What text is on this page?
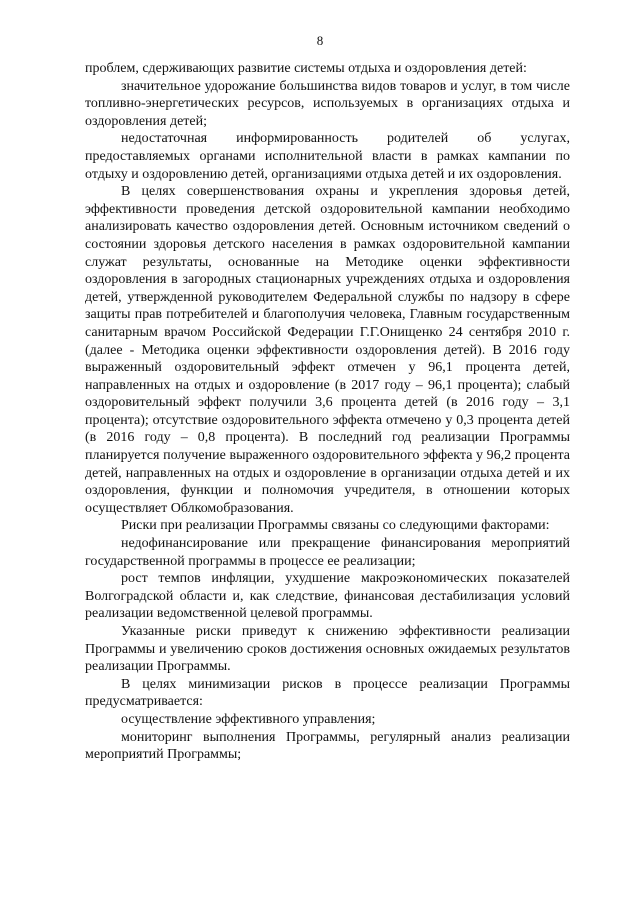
8

проблем, сдерживающих развитие системы отдыха и оздоровления детей:

значительное удорожание большинства видов товаров и услуг, в том числе топливно-энергетических ресурсов, используемых в организациях отдыха и оздоровления детей;

недостаточная информированность родителей об услугах, предоставляемых органами исполнительной власти в рамках кампании по отдыху и оздоровлению детей, организациями отдыха детей и их оздоровления.

В целях совершенствования охраны и укрепления здоровья детей, эффективности проведения детской оздоровительной кампании необходимо анализировать качество оздоровления детей. Основным источником сведений о состоянии здоровья детского населения в рамках оздоровительной кампании служат результаты, основанные на Методике оценки эффективности оздоровления в загородных стационарных учреждениях отдыха и оздоровления детей, утвержденной руководителем Федеральной службы по надзору в сфере защиты прав потребителей и благополучия человека, Главным государственным санитарным врачом Российской Федерации Г.Г.Онищенко 24 сентября 2010 г. (далее - Методика оценки эффективности оздоровления детей). В 2016 году выраженный оздоровительный эффект отмечен у 96,1 процента детей, направленных на отдых и оздоровление (в 2017 году – 96,1 процента); слабый оздоровительный эффект получили 3,6 процента детей (в 2016 году – 3,1 процента); отсутствие оздоровительного эффекта отмечено у 0,3 процента детей (в 2016 году – 0,8 процента). В последний год реализации Программы планируется получение выраженного оздоровительного эффекта у 96,2 процента детей, направленных на отдых и оздоровление в организации отдыха детей и их оздоровления, функции и полномочия учредителя, в отношении которых осуществляет Облкомобразования.

Риски при реализации Программы связаны со следующими факторами:

недофинансирование или прекращение финансирования мероприятий государственной программы в процессе ее реализации;

рост темпов инфляции, ухудшение макроэкономических показателей Волгоградской области и, как следствие, финансовая дестабилизация условий реализации ведомственной целевой программы.

Указанные риски приведут к снижению эффективности реализации Программы и увеличению сроков достижения основных ожидаемых результатов реализации Программы.

В целях минимизации рисков в процессе реализации Программы предусматривается:

осуществление эффективного управления;

мониторинг выполнения Программы, регулярный анализ реализации мероприятий Программы;
